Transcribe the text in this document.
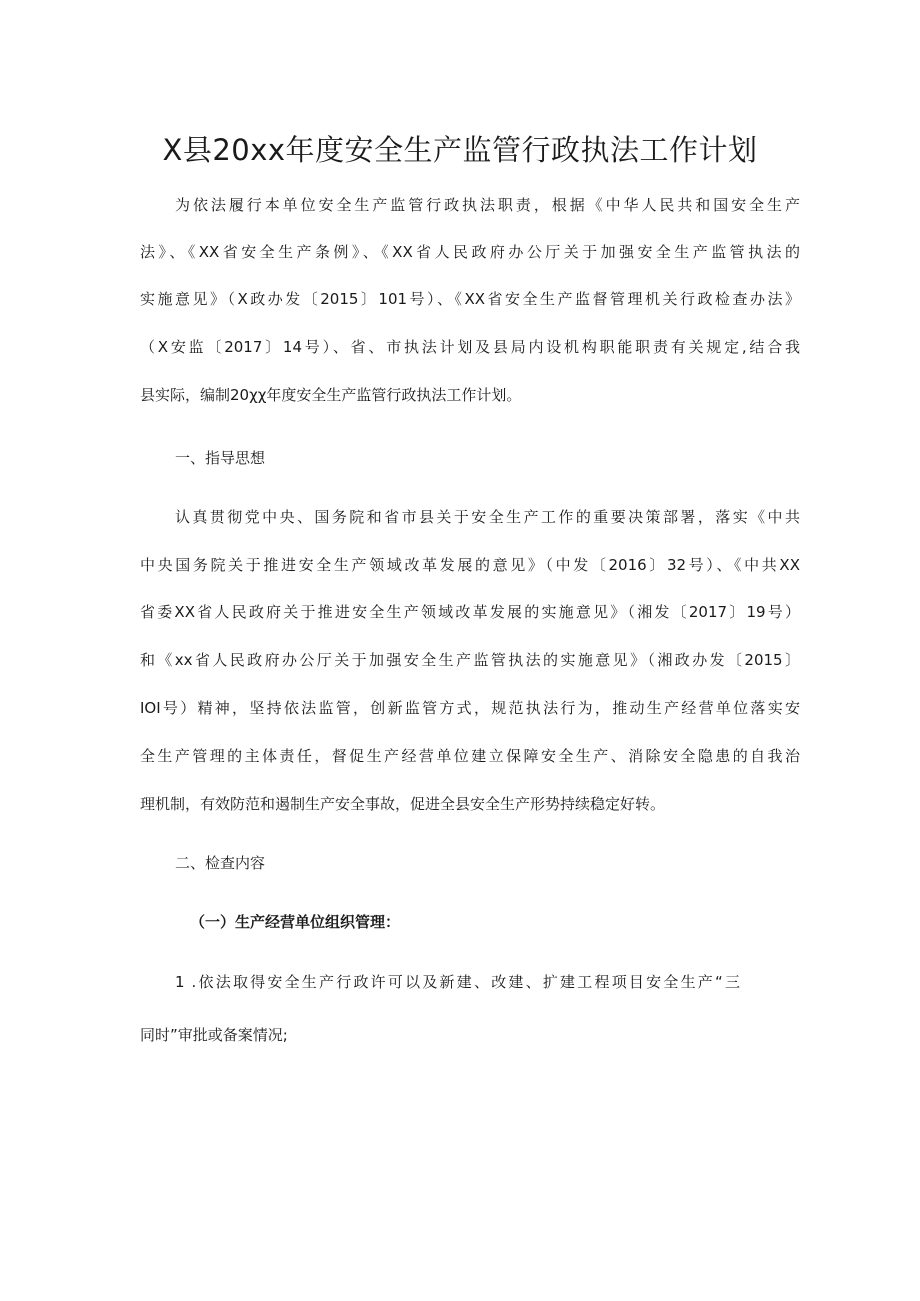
X县20xx年度安全生产监管行政执法工作计划

为依法履行本单位安全生产监管行政执法职责，根据《中华人民共和国安全生产

法》、《XX省安全生产条例》、《XX省人民政府办公厅关于加强安全生产监管执法的

实施意见》（X政办发〔2015〕101号）、《XX省安全生产监督管理机关行政检查办法》

（X安监〔2017〕14号）、省、市执法计划及县局内设机构职能职责有关规定,结合我

县实际，编制20χχ年度安全生产监管行政执法工作计划。

一、指导思想

认真贯彻党中央、国务院和省市县关于安全生产工作的重要决策部署，落实《中共

中央国务院关于推进安全生产领域改革发展的意见》（中发〔2016〕32号）、《中共XX

省委XX省人民政府关于推进安全生产领域改革发展的实施意见》（湘发〔2017〕19号）

和《xx省人民政府办公厅关于加强安全生产监管执法的实施意见》（湘政办发〔2015〕

IOI号）精神，坚持依法监管，创新监管方式，规范执法行为，推动生产经营单位落实安

全生产管理的主体责任，督促生产经营单位建立保障安全生产、消除安全隐患的自我治

理机制，有效防范和遏制生产安全事故，促进全县安全生产形势持续稳定好转。

二、检查内容

（一）生产经营单位组织管理：

1 .依法取得安全生产行政许可以及新建、改建、扩建工程项目安全生产“三

同时”审批或备案情况;
